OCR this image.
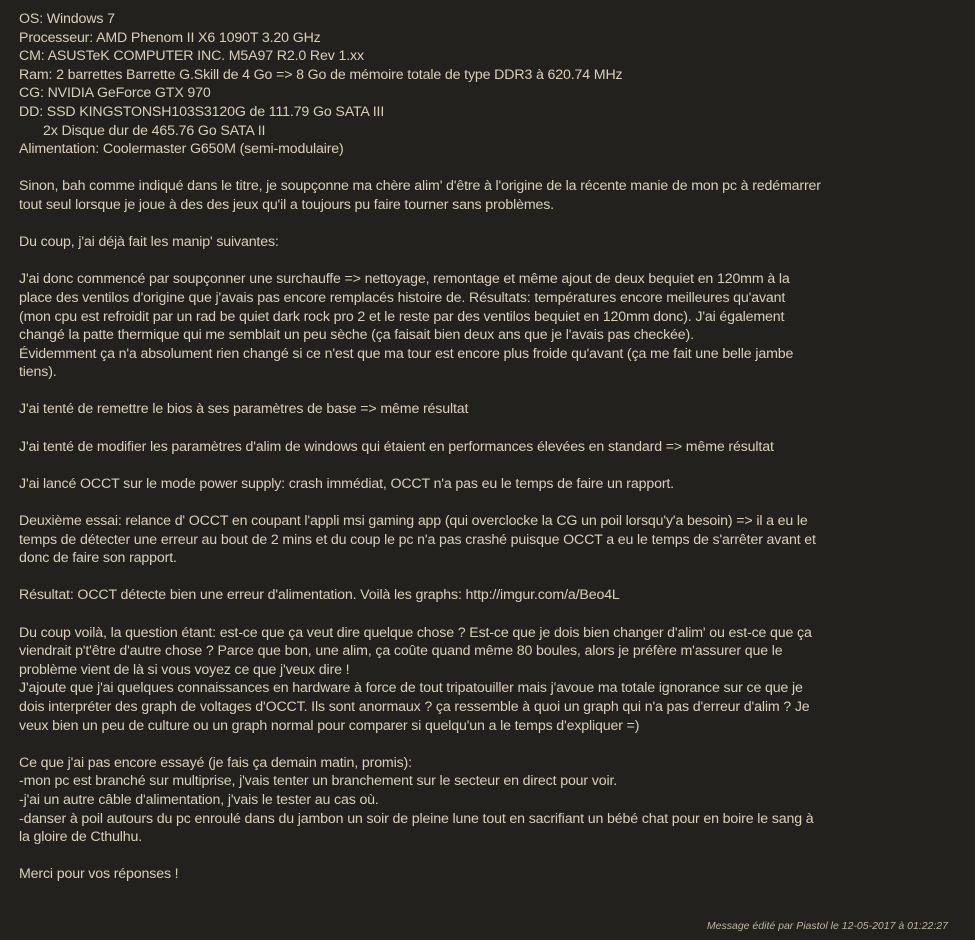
OS: Windows 7
Processeur: AMD Phenom II X6 1090T 3.20 GHz
CM: ASUSTeK COMPUTER INC. M5A97 R2.0 Rev 1.xx
Ram: 2 barrettes Barrette G.Skill de 4 Go => 8 Go de mémoire totale de type DDR3 à 620.74 MHz
CG: NVIDIA GeForce GTX 970
DD: SSD KINGSTONSH103S3120G de 111.79 Go SATA III
2x Disque dur de 465.76 Go SATA II
Alimentation: Coolermaster G650M (semi-modulaire)
Sinon, bah comme indiqué dans le titre, je soupçonne ma chère alim' d'être à l'origine de la récente manie de mon pc à redémarrer
tout seul lorsque je joue à des des jeux qu'il a toujours pu faire tourner sans problèmes.
Du coup, j'ai déjà fait les manip' suivantes:
J'ai donc commencé par soupçonner une surchauffe => nettoyage, remontage et même ajout de deux bequiet en 120mm à la
place des ventilos d'origine que j'avais pas encore remplacés histoire de. Résultats: températures encore meilleures qu'avant
(mon cpu est refroidit par un rad be quiet dark rock pro 2 et le reste par des ventilos bequiet en 120mm donc). J'ai également
changé la patte thermique qui me semblait un peu sèche (ça faisait bien deux ans que je l'avais pas checkée).
Évidemment ça n'a absolument rien changé si ce n'est que ma tour est encore plus froide qu'avant (ça me fait une belle jambe
tiens).
J'ai tenté de remettre le bios à ses paramètres de base => même résultat
J'ai tenté de modifier les paramètres d'alim de windows qui étaient en performances élevées en standard => même résultat
J'ai lancé OCCT sur le mode power supply: crash immédiat, OCCT n'a pas eu le temps de faire un rapport.
Deuxième essai: relance d' OCCT en coupant l'appli msi gaming app (qui overclocke la CG un poil lorsqu'y'a besoin) => il a eu le
temps de détecter une erreur au bout de 2 mins et du coup le pc n'a pas crashé puisque OCCT a eu le temps de s'arrêter avant et
donc de faire son rapport.
Résultat: OCCT détecte bien une erreur d'alimentation. Voilà les graphs: http://imgur.com/a/Beo4L
Du coup voilà, la question étant: est-ce que ça veut dire quelque chose ? Est-ce que je dois bien changer d'alim' ou est-ce que ça
viendrait p't'être d'autre chose ? Parce que bon, une alim, ça coûte quand même 80 boules, alors je préfère m'assurer que le
problème vient de là si vous voyez ce que j'veux dire !
J'ajoute que j'ai quelques connaissances en hardware à force de tout tripatouiller mais j'avoue ma totale ignorance sur ce que je
dois interpréter des graph de voltages d'OCCT. Ils sont anormaux ? ça ressemble à quoi un graph qui n'a pas d'erreur d'alim ? Je
veux bien un peu de culture ou un graph normal pour comparer si quelqu'un a le temps d'expliquer =)
Ce que j'ai pas encore essayé (je fais ça demain matin, promis):
-mon pc est branché sur multiprise, j'vais tenter un branchement sur le secteur en direct pour voir.
-j'ai un autre câble d'alimentation, j'vais le tester au cas où.
-danser à poil autours du pc enroulé dans du jambon un soir de pleine lune tout en sacrifiant un bébé chat pour en boire le sang à
la gloire de Cthulhu.
Merci pour vos réponses !
Message édité par Piastol le 12-05-2017 à 01:22:27
